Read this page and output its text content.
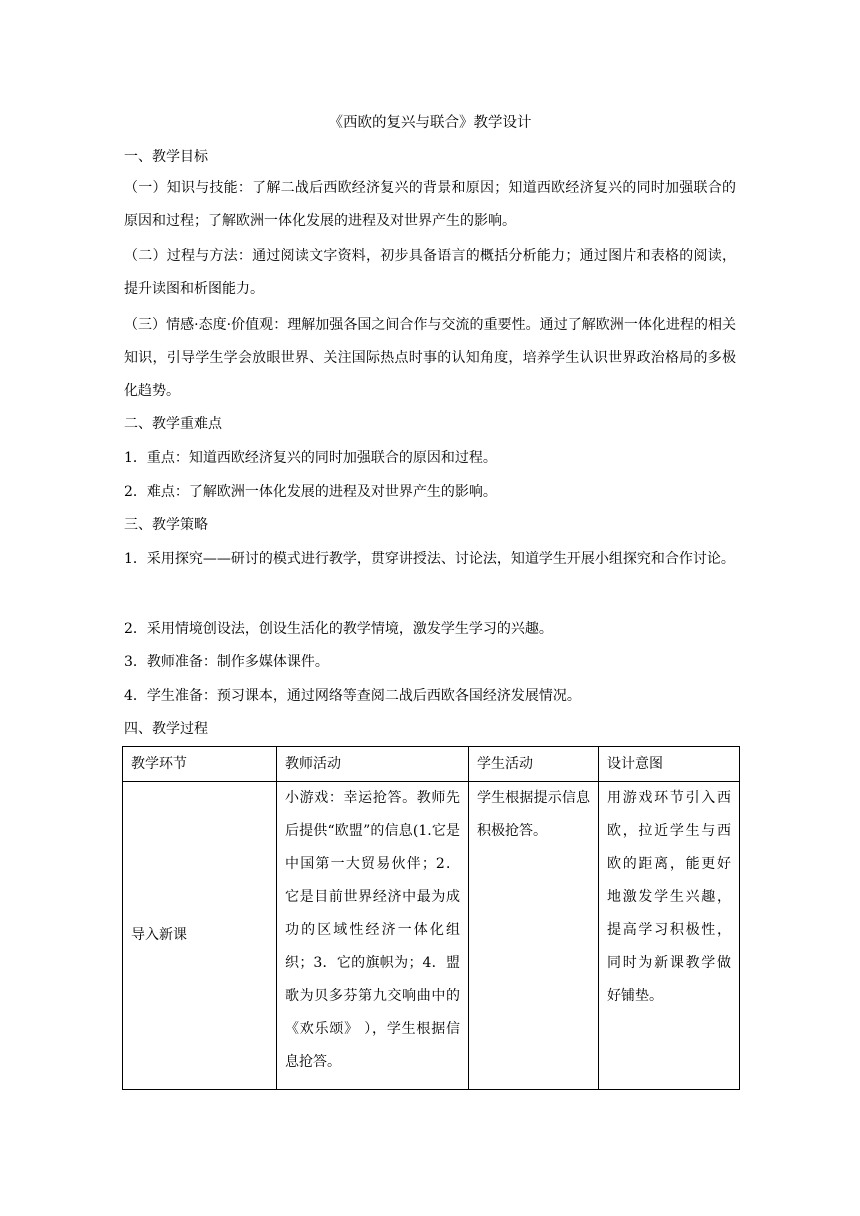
《西欧的复兴与联合》教学设计
一、教学目标
（一）知识与技能：了解二战后西欧经济复兴的背景和原因；知道西欧经济复兴的同时加强联合的原因和过程；了解欧洲一体化发展的进程及对世界产生的影响。
（二）过程与方法：通过阅读文字资料，初步具备语言的概括分析能力；通过图片和表格的阅读，提升读图和析图能力。
（三）情感·态度·价值观：理解加强各国之间合作与交流的重要性。通过了解欧洲一体化进程的相关知识，引导学生学会放眼世界、关注国际热点时事的认知角度，培养学生认识世界政治格局的多极化趋势。
二、教学重难点
1．重点：知道西欧经济复兴的同时加强联合的原因和过程。
2．难点：了解欧洲一体化发展的进程及对世界产生的影响。
三、教学策略
1．采用探究——研讨的模式进行教学，贯穿讲授法、讨论法，知道学生开展小组探究和合作讨论。
2．采用情境创设法，创设生活化的教学情境，激发学生学习的兴趣。
3．教师准备：制作多媒体课件。
4．学生准备：预习课本，通过网络等查阅二战后西欧各国经济发展情况。
四、教学过程
教学环节	教师活动	学生活动	设计意图
导入新课	小游戏：幸运抢答。教师先后提供“欧盟”的信息(1.它是中国第一大贸易伙伴；2．它是目前世界经济中最为成功的区域性经济一体化组织；3．它的旗帜为；4．盟歌为贝多芬第九交响曲中的《欢乐颂》 ），学生根据信息抢答。	学生根据提示信息积极抢答。	用游戏环节引入西欧，拉近学生与西欧的距离，能更好地激发学生兴趣，提高学习积极性，同时为新课教学做好铺垫。
